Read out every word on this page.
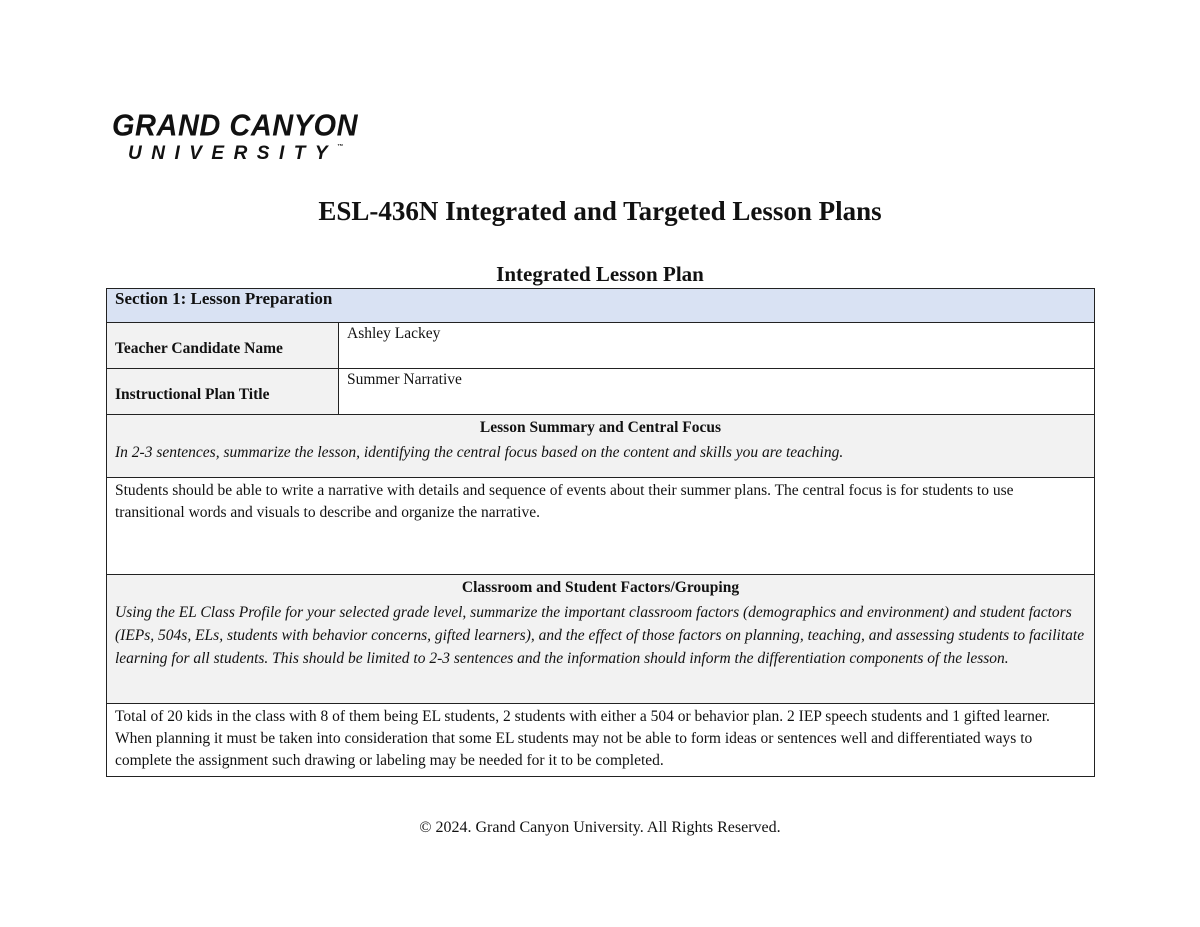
GRAND CANYON
UNIVERSITY™
ESL-436N Integrated and Targeted Lesson Plans
Integrated Lesson Plan
Section 1: Lesson Preparation	
Teacher Candidate Name	Ashley Lackey
Instructional Plan Title	Summer Narrative

Lesson Summary and Central Focus
In 2-3 sentences, summarize the lesson, identifying the central focus based on the content and skills you are teaching.	

Students should be able to write a narrative with details and sequence of events about their summer plans. The central focus is for students to use transitional words and visuals to describe and organize the narrative.	

Classroom and Student Factors/Grouping
Using the EL Class Profile for your selected grade level, summarize the important classroom factors (demographics and environment) and student factors (IEPs, 504s, ELs, students with behavior concerns, gifted learners), and the effect of those factors on planning, teaching, and assessing students to facilitate learning for all students. This should be limited to 2-3 sentences and the information should inform the differentiation components of the lesson.	

Total of 20 kids in the class with 8 of them being EL students, 2 students with either a 504 or behavior plan. 2 IEP speech students and 1 gifted learner. When planning it must be taken into consideration that some EL students may not be able to form ideas or sentences well and differentiated ways to complete the assignment such drawing or labeling may be needed for it to be completed.	
© 2024. Grand Canyon University. All Rights Reserved.
